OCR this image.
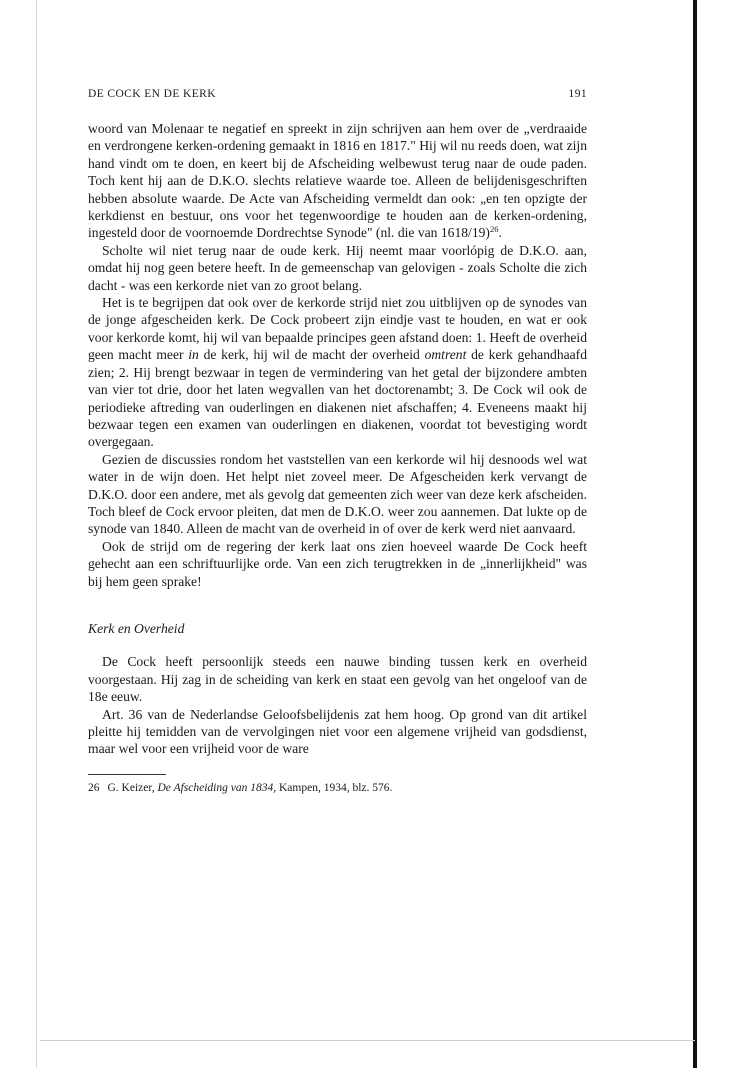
DE COCK EN DE KERK	191

woord van Molenaar te negatief en spreekt in zijn schrijven aan hem over de „verdraaide en verdrongene kerken-ordening gemaakt in 1816 en 1817." Hij wil nu reeds doen, wat zijn hand vindt om te doen, en keert bij de Afscheiding welbewust terug naar de oude paden. Toch kent hij aan de D.K.O. slechts relatieve waarde toe. Alleen de belijdenisgeschriften hebben absolute waarde. De Acte van Afscheiding vermeldt dan ook: „en ten opzigte der kerkdienst en bestuur, ons voor het tegenwoordige te houden aan de kerken-ordening, ingesteld door de voornoemde Dordrechtse Synode" (nl. die van 1618/19)$^{26}$.

Scholte wil niet terug naar de oude kerk. Hij neemt maar voorlópig de D.K.O. aan, omdat hij nog geen betere heeft. In de gemeenschap van gelovigen - zoals Scholte die zich dacht - was een kerkorde niet van zo groot belang.

Het is te begrijpen dat ook over de kerkorde strijd niet zou uitblijven op de synodes van de jonge afgescheiden kerk. De Cock probeert zijn eindje vast te houden, en wat er ook voor kerkorde komt, hij wil van bepaalde principes geen afstand doen: 1. Heeft de overheid geen macht meer in de kerk, hij wil de macht der overheid omtrent de kerk gehandhaafd zien; 2. Hij brengt bezwaar in tegen de vermindering van het getal der bijzondere ambten van vier tot drie, door het laten wegvallen van het doctorenambt; 3. De Cock wil ook de periodieke aftreding van ouderlingen en diakenen niet afschaffen; 4. Eveneens maakt hij bezwaar tegen een examen van ouderlingen en diakenen, voordat tot bevestiging wordt overgegaan.

Gezien de discussies rondom het vaststellen van een kerkorde wil hij desnoods wel wat water in de wijn doen. Het helpt niet zoveel meer. De Afgescheiden kerk vervangt de D.K.O. door een andere, met als gevolg dat gemeenten zich weer van deze kerk afscheiden. Toch bleef de Cock ervoor pleiten, dat men de D.K.O. weer zou aannemen. Dat lukte op de synode van 1840. Alleen de macht van de overheid in of over de kerk werd niet aanvaard.

Ook de strijd om de regering der kerk laat ons zien hoeveel waarde De Cock heeft gehecht aan een schriftuurlijke orde. Van een zich terugtrekken in de „innerlijkheid" was bij hem geen sprake!

Kerk en Overheid

De Cock heeft persoonlijk steeds een nauwe binding tussen kerk en overheid voorgestaan. Hij zag in de scheiding van kerk en staat een gevolg van het ongeloof van de 18e eeuw.

Art. 36 van de Nederlandse Geloofsbelijdenis zat hem hoog. Op grond van dit artikel pleitte hij temidden van de vervolgingen niet voor een algemene vrijheid van godsdienst, maar wel voor een vrijheid voor de ware

26 G. Keizer, De Afscheiding van 1834, Kampen, 1934, blz. 576.
